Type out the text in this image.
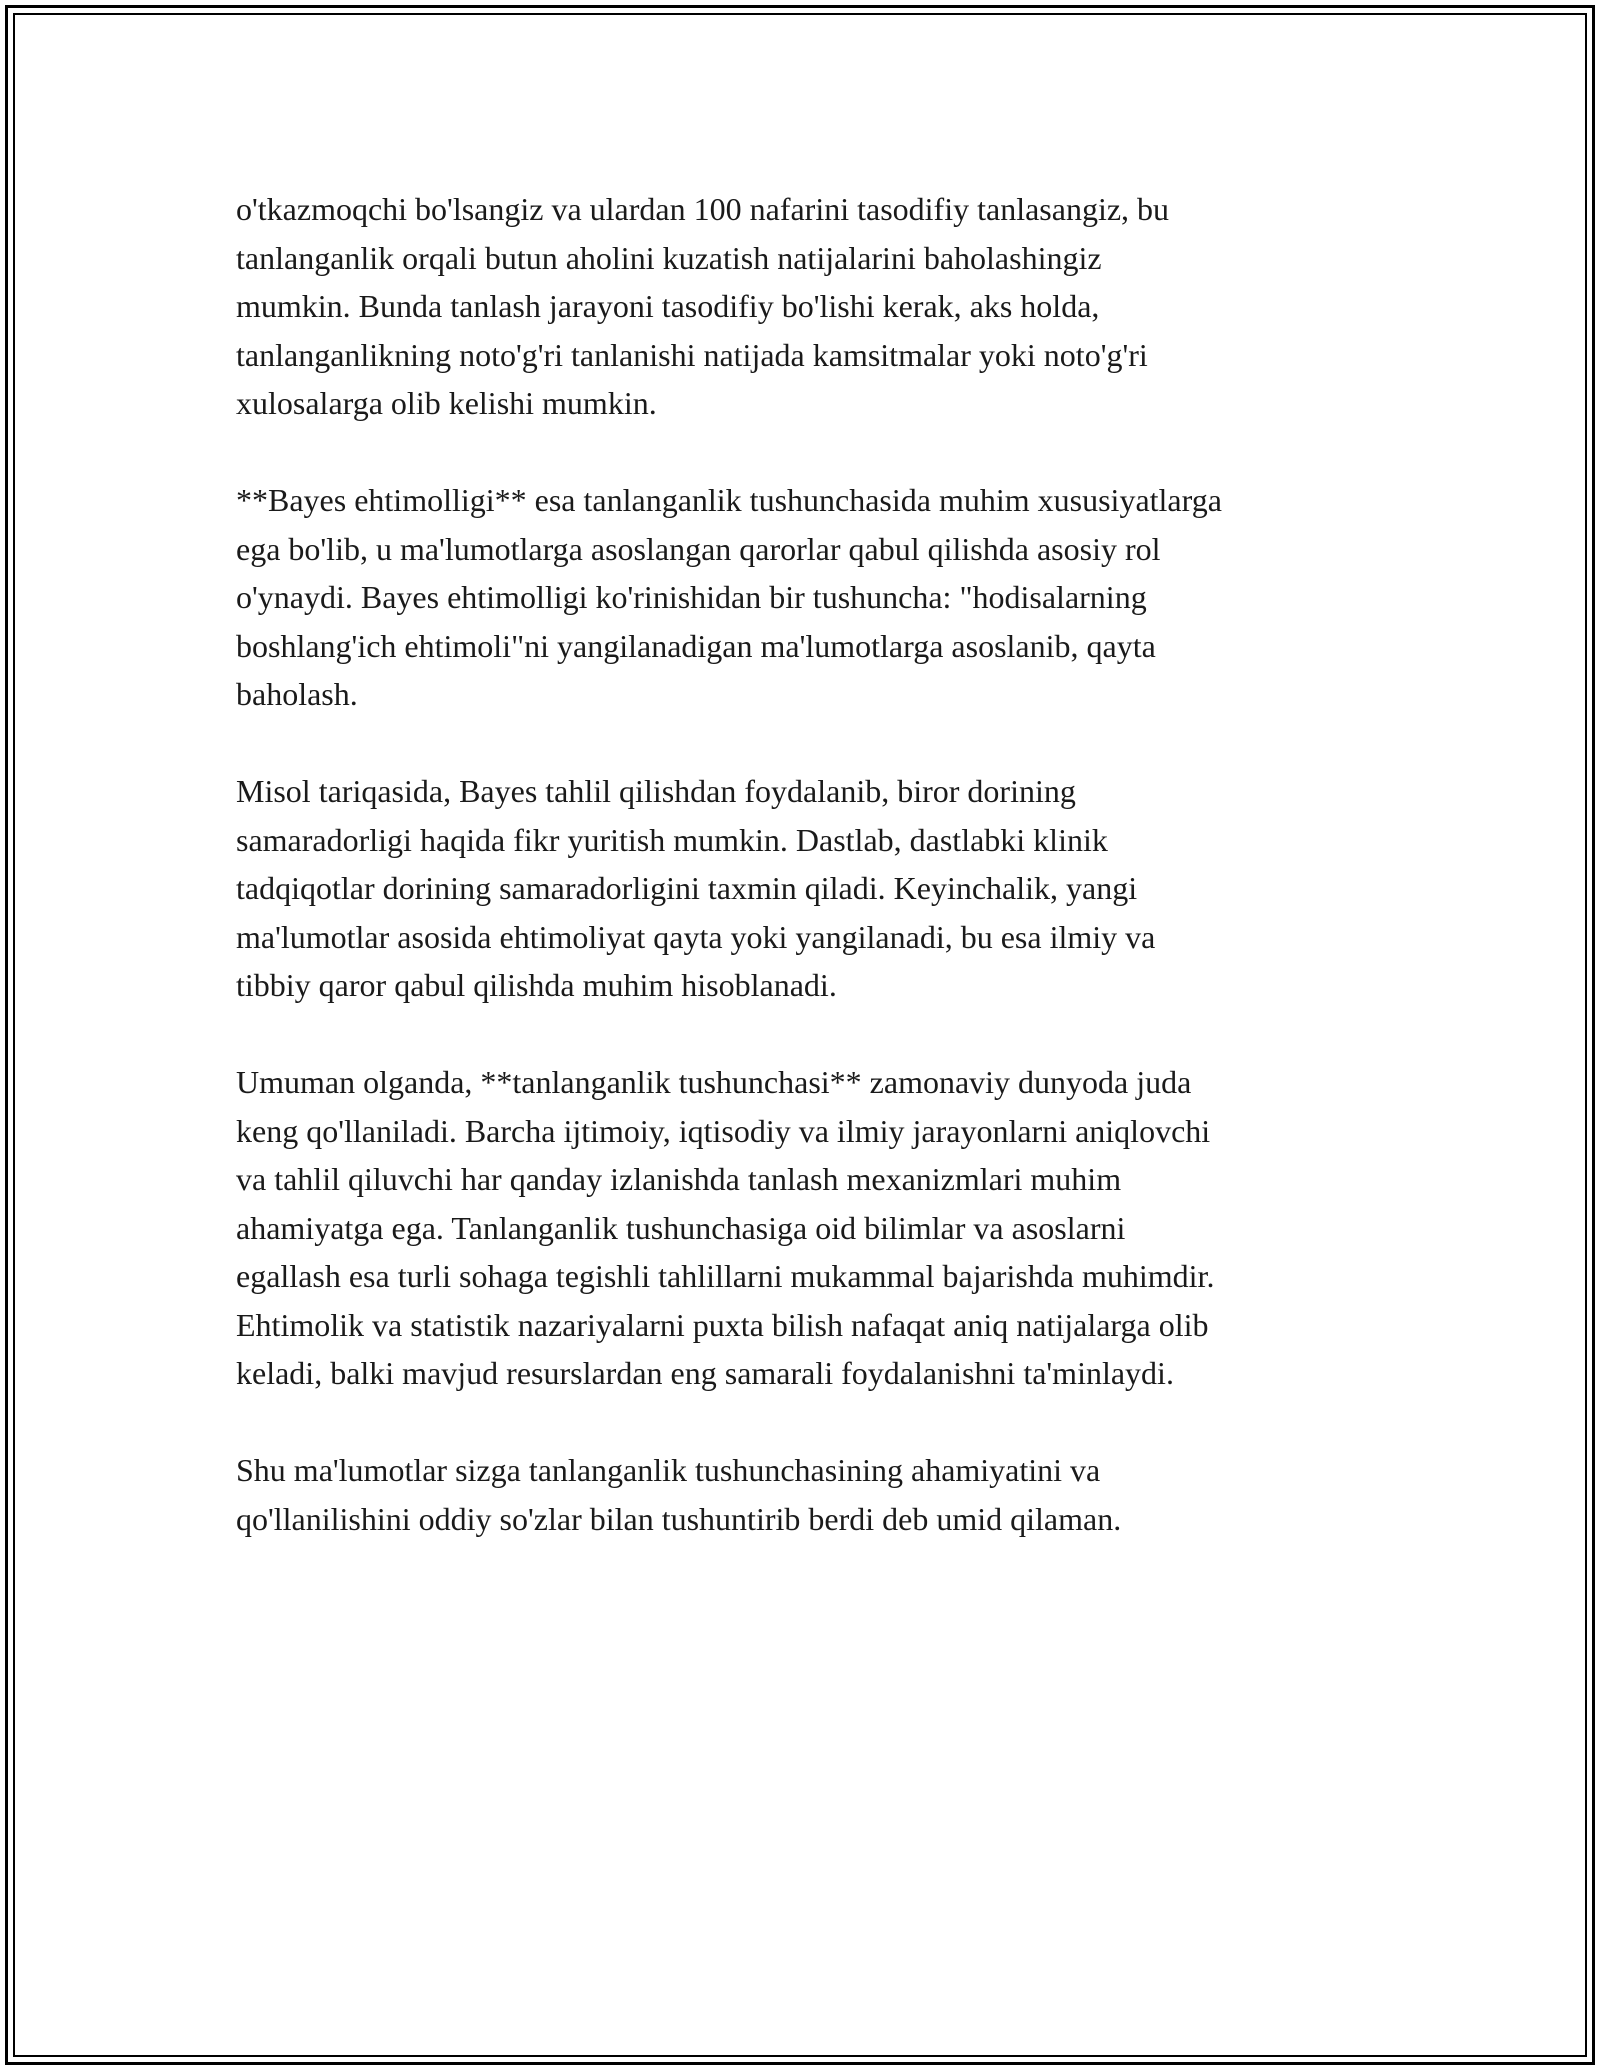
o'tkazmoqchi bo'lsangiz va ulardan 100 nafarini tasodifiy tanlasangiz, bu
tanlanganlik orqali butun aholini kuzatish natijalarini baholashingiz
mumkin. Bunda tanlash jarayoni tasodifiy bo'lishi kerak, aks holda,
tanlanganlikning noto'g'ri tanlanishi natijada kamsitmalar yoki noto'g'ri
xulosalarga olib kelishi mumkin.

**Bayes ehtimolligi** esa tanlanganlik tushunchasida muhim xususiyatlarga
ega bo'lib, u ma'lumotlarga asoslangan qarorlar qabul qilishda asosiy rol
o'ynaydi. Bayes ehtimolligi ko'rinishidan bir tushuncha: "hodisalarning
boshlang'ich ehtimoli"ni yangilanadigan ma'lumotlarga asoslanib, qayta
baholash.

Misol tariqasida, Bayes tahlil qilishdan foydalanib, biror dorining
samaradorligi haqida fikr yuritish mumkin. Dastlab, dastlabki klinik
tadqiqotlar dorining samaradorligini taxmin qiladi. Keyinchalik, yangi
ma'lumotlar asosida ehtimoliyat qayta yoki yangilanadi, bu esa ilmiy va
tibbiy qaror qabul qilishda muhim hisoblanadi.

Umuman olganda, **tanlanganlik tushunchasi** zamonaviy dunyoda juda
keng qo'llaniladi. Barcha ijtimoiy, iqtisodiy va ilmiy jarayonlarni aniqlovchi
va tahlil qiluvchi har qanday izlanishda tanlash mexanizmlari muhim
ahamiyatga ega. Tanlanganlik tushunchasiga oid bilimlar va asoslarni
egallash esa turli sohaga tegishli tahlillarni mukammal bajarishda muhimdir.
Ehtimolik va statistik nazariyalarni puxta bilish nafaqat aniq natijalarga olib
keladi, balki mavjud resurslardan eng samarali foydalanishni ta'minlaydi.

Shu ma'lumotlar sizga tanlanganlik tushunchasining ahamiyatini va
qo'llanilishini oddiy so'zlar bilan tushuntirib berdi deb umid qilaman.
